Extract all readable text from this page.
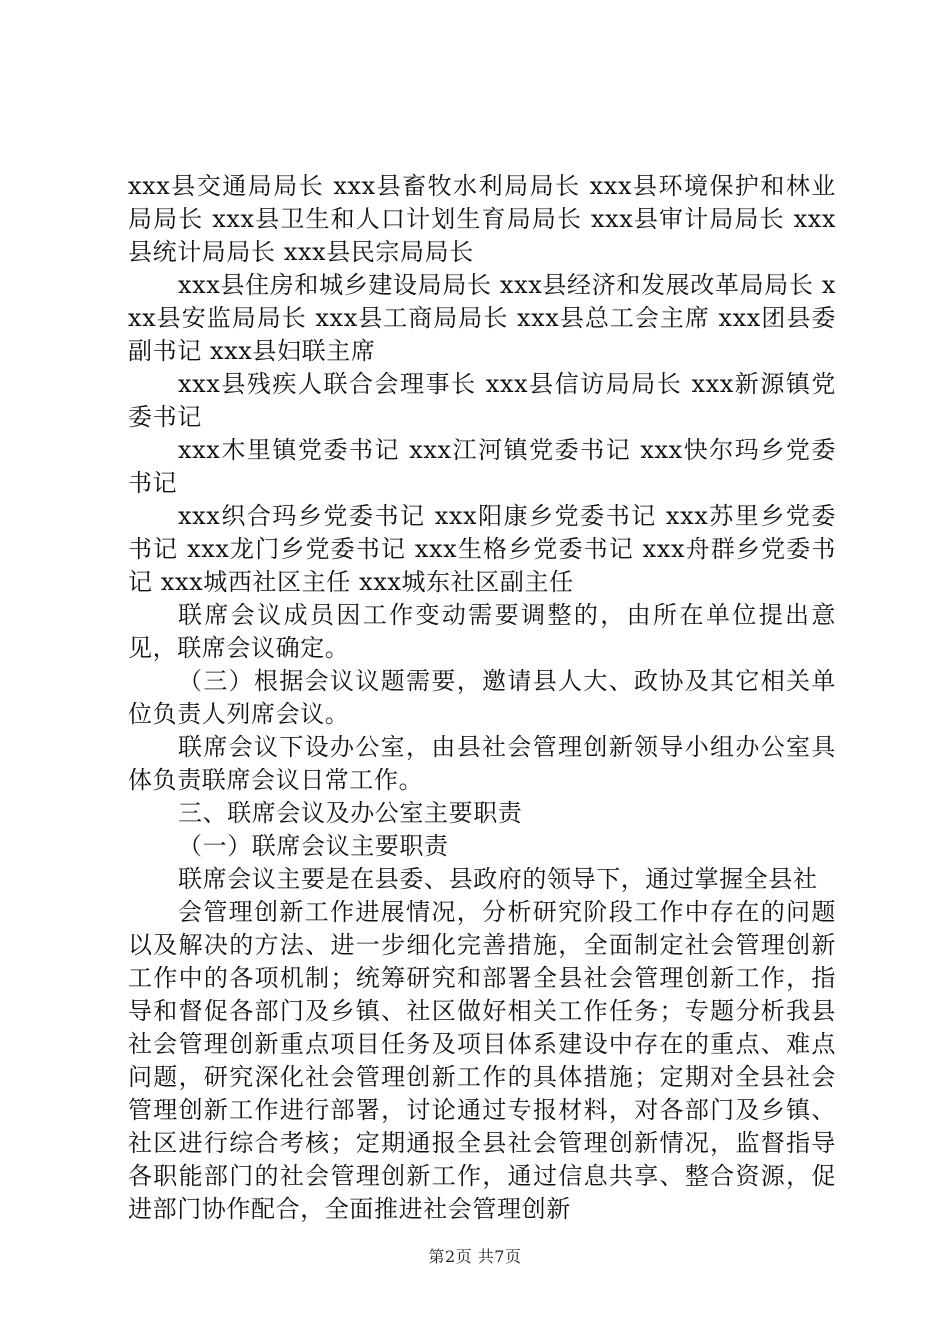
xxx县交通局局长 xxx县畜牧水利局局长 xxx县环境保护和林业局局长 xxx县卫生和人口计划生育局局长 xxx县审计局局长 xxx县统计局局长 xxx县民宗局局长

xxx县住房和城乡建设局局长 xxx县经济和发展改革局局长 xxx县安监局局长 xxx县工商局局长 xxx县总工会主席 xxx团县委副书记 xxx县妇联主席

xxx县残疾人联合会理事长 xxx县信访局局长 xxx新源镇党委书记

xxx木里镇党委书记 xxx江河镇党委书记 xxx快尔玛乡党委书记

xxx织合玛乡党委书记 xxx阳康乡党委书记 xxx苏里乡党委书记 xxx龙门乡党委书记 xxx生格乡党委书记 xxx舟群乡党委书记 xxx城西社区主任 xxx城东社区副主任

联席会议成员因工作变动需要调整的，由所在单位提出意见，联席会议确定。

（三）根据会议议题需要，邀请县人大、政协及其它相关单位负责人列席会议。

联席会议下设办公室，由县社会管理创新领导小组办公室具体负责联席会议日常工作。

三、联席会议及办公室主要职责

（一）联席会议主要职责

联席会议主要是在县委、县政府的领导下，通过掌握全县社

会管理创新工作进展情况，分析研究阶段工作中存在的问题以及解决的方法、进一步细化完善措施，全面制定社会管理创新工作中的各项机制；统筹研究和部署全县社会管理创新工作，指导和督促各部门及乡镇、社区做好相关工作任务；专题分析我县社会管理创新重点项目任务及项目体系建设中存在的重点、难点问题，研究深化社会管理创新工作的具体措施；定期对全县社会管理创新工作进行部署，讨论通过专报材料，对各部门及乡镇、社区进行综合考核；定期通报全县社会管理创新情况，监督指导各职能部门的社会管理创新工作，通过信息共享、整合资源，促进部门协作配合，全面推进社会管理创新

第2页 共7页
